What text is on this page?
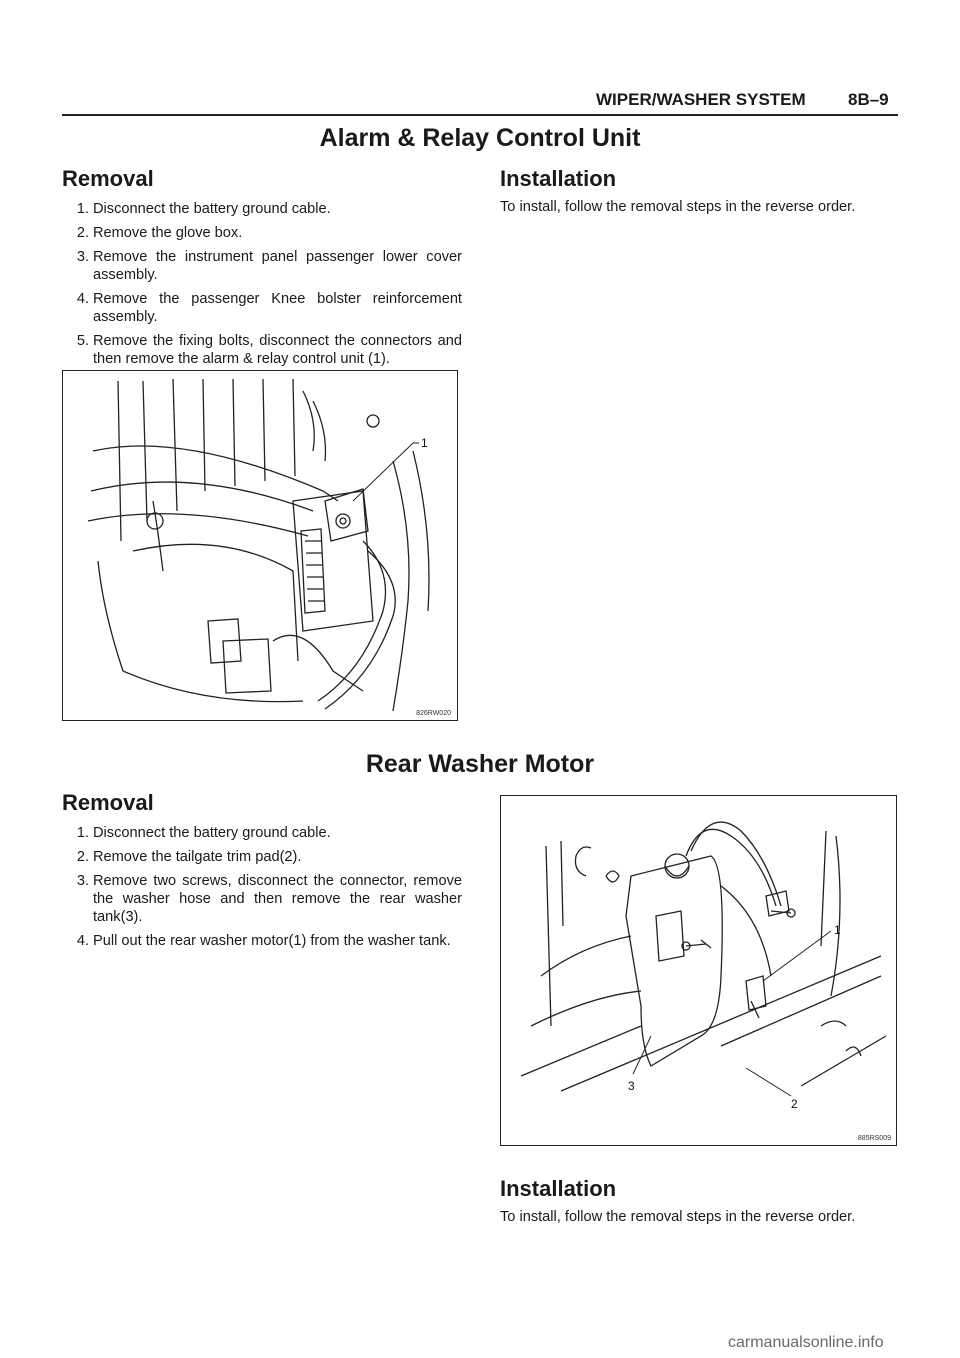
WIPER/WASHER SYSTEM 8B–9
Alarm & Relay Control Unit
Removal
1. Disconnect the battery ground cable.
2. Remove the glove box.
3. Remove the instrument panel passenger lower cover assembly.
4. Remove the passenger Knee bolster reinforcement assembly.
5. Remove the fixing bolts, disconnect the connectors and then remove the alarm & relay control unit (1).
Installation
To install, follow the removal steps in the reverse order.
1
826RW020
Rear Washer Motor
Removal
1. Disconnect the battery ground cable.
2. Remove the tailgate trim pad(2).
3. Remove two screws, disconnect the connector, remove the washer hose and then remove the rear washer tank(3).
4. Pull out the rear washer motor(1) from the washer tank.
1
2
3
885RS009
Installation
To install, follow the removal steps in the reverse order.
carmanualsonline.info
